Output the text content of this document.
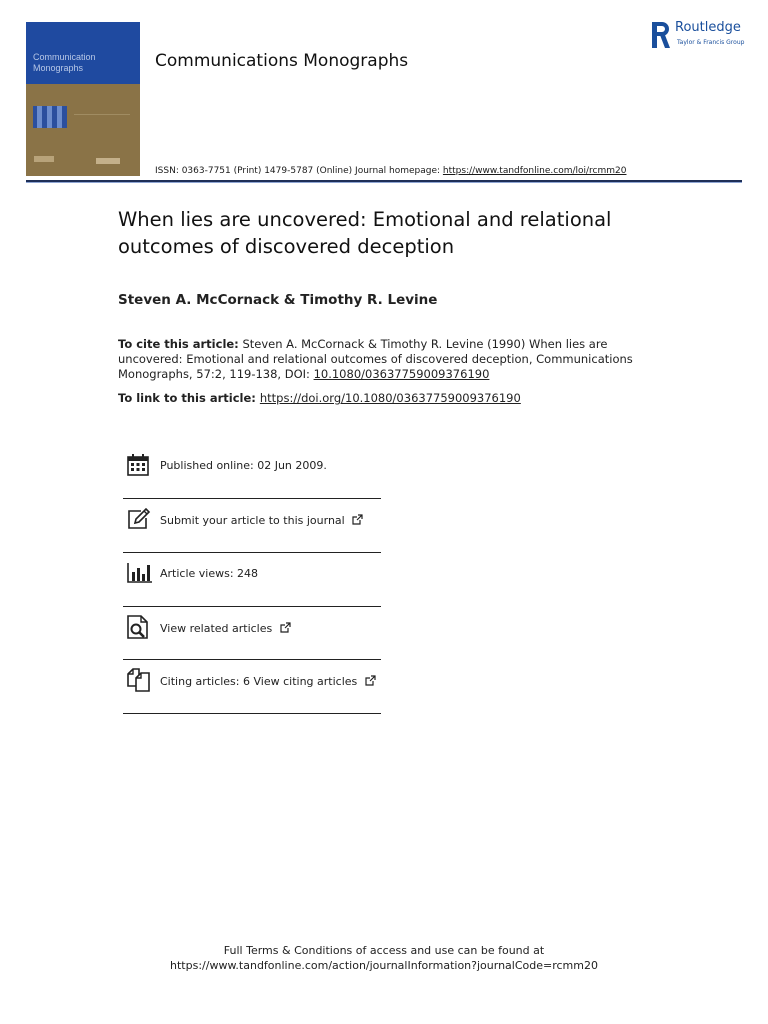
Communication
Monographs	Communications Monographs
Routledge
Taylor & Francis Group
ISSN: 0363-7751 (Print) 1479-5787 (Online) Journal homepage: https://www.tandfonline.com/loi/rcmm20
When lies are uncovered: Emotional and relational outcomes of discovered deception
Steven A. McCornack & Timothy R. Levine
To cite this article: Steven A. McCornack & Timothy R. Levine (1990) When lies are uncovered: Emotional and relational outcomes of discovered deception, Communications Monographs, 57:2, 119-138, DOI: 10.1080/03637759009376190
To link to this article: https://doi.org/10.1080/03637759009376190
Published online: 02 Jun 2009.
Submit your article to this journal
Article views: 248
View related articles
Citing articles: 6 View citing articles
Full Terms & Conditions of access and use can be found at
https://www.tandfonline.com/action/journalInformation?journalCode=rcmm20
